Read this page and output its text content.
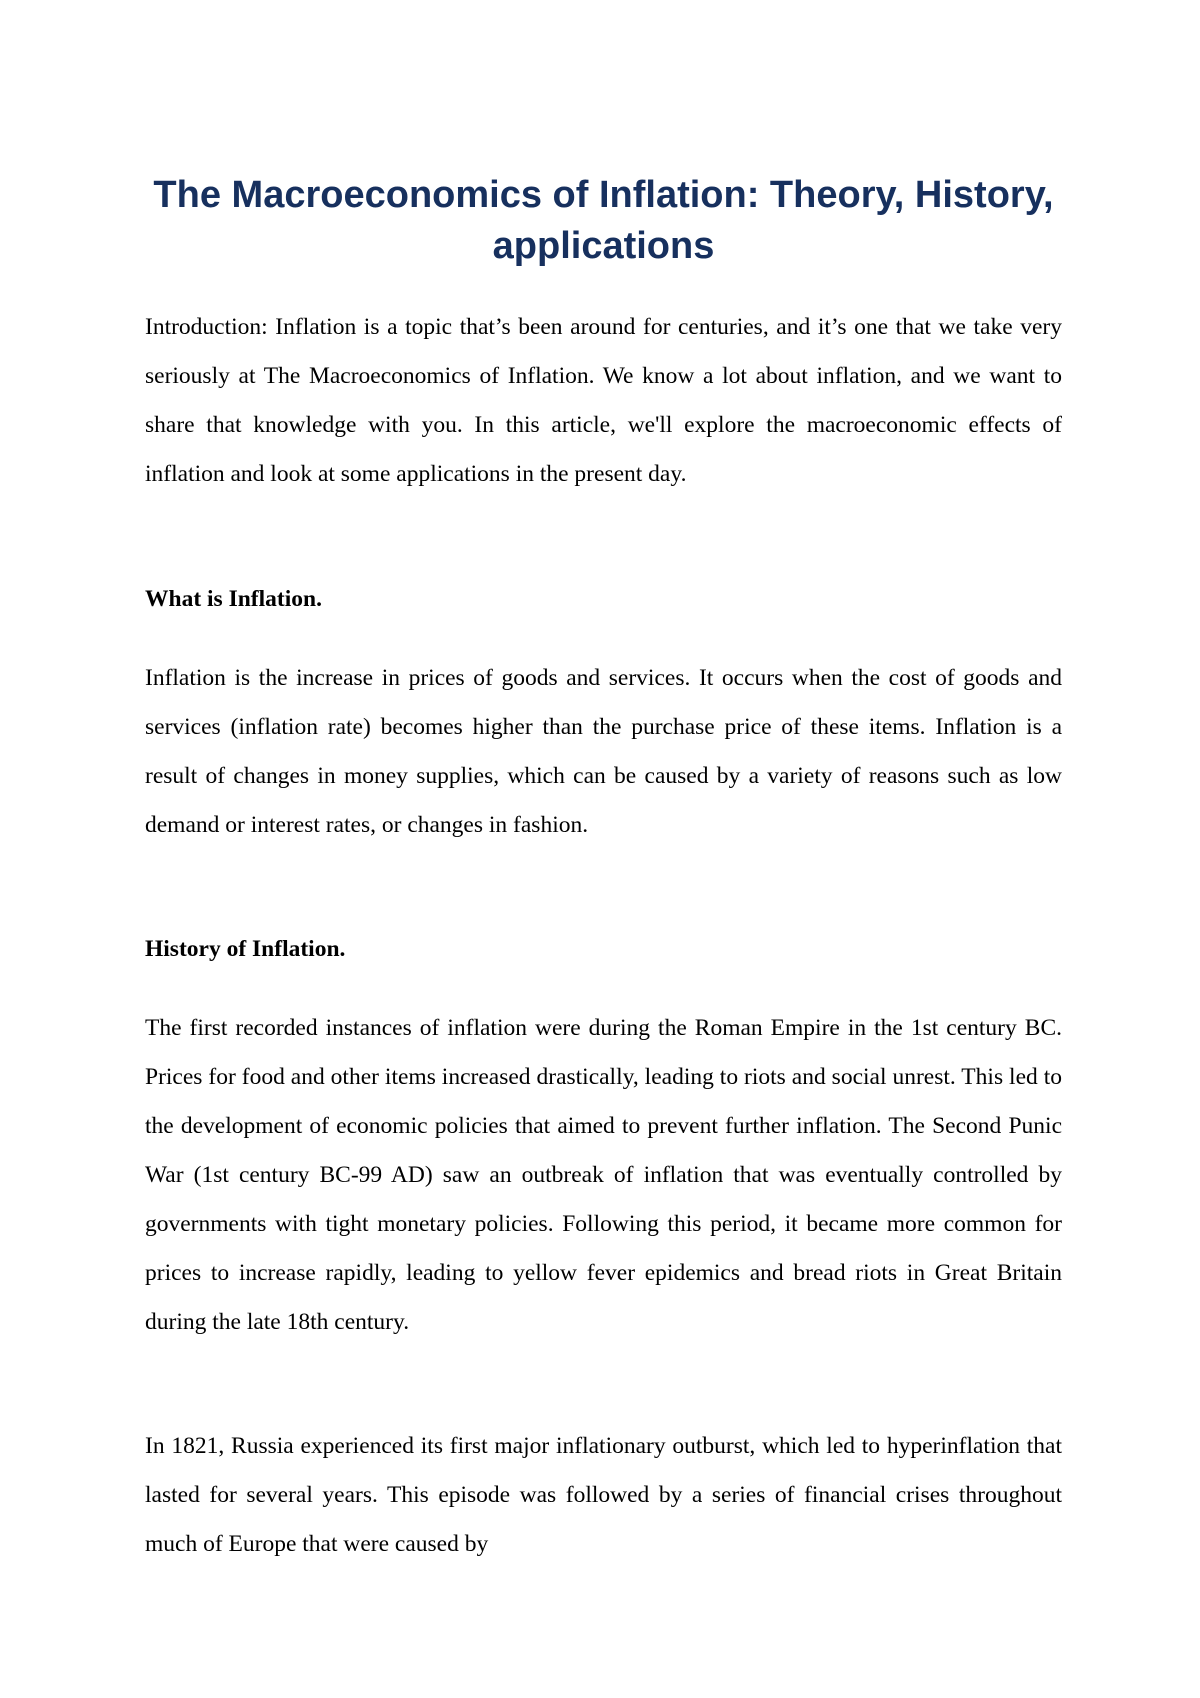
The Macroeconomics of Inflation: Theory, History, applications

Introduction: Inflation is a topic that’s been around for centuries, and it’s one that we take very seriously at The Macroeconomics of Inflation. We know a lot about inflation, and we want to share that knowledge with you. In this article, we'll explore the macroeconomic effects of inflation and look at some applications in the present day.

What is Inflation.

Inflation is the increase in prices of goods and services. It occurs when the cost of goods and services (inflation rate) becomes higher than the purchase price of these items. Inflation is a result of changes in money supplies, which can be caused by a variety of reasons such as low demand or interest rates, or changes in fashion.

History of Inflation.

The first recorded instances of inflation were during the Roman Empire in the 1st century BC. Prices for food and other items increased drastically, leading to riots and social unrest. This led to the development of economic policies that aimed to prevent further inflation. The Second Punic War (1st century BC-99 AD) saw an outbreak of inflation that was eventually controlled by governments with tight monetary policies. Following this period, it became more common for prices to increase rapidly, leading to yellow fever epidemics and bread riots in Great Britain during the late 18th century.

In 1821, Russia experienced its first major inflationary outburst, which led to hyperinflation that lasted for several years. This episode was followed by a series of financial crises throughout much of Europe that were caused by
